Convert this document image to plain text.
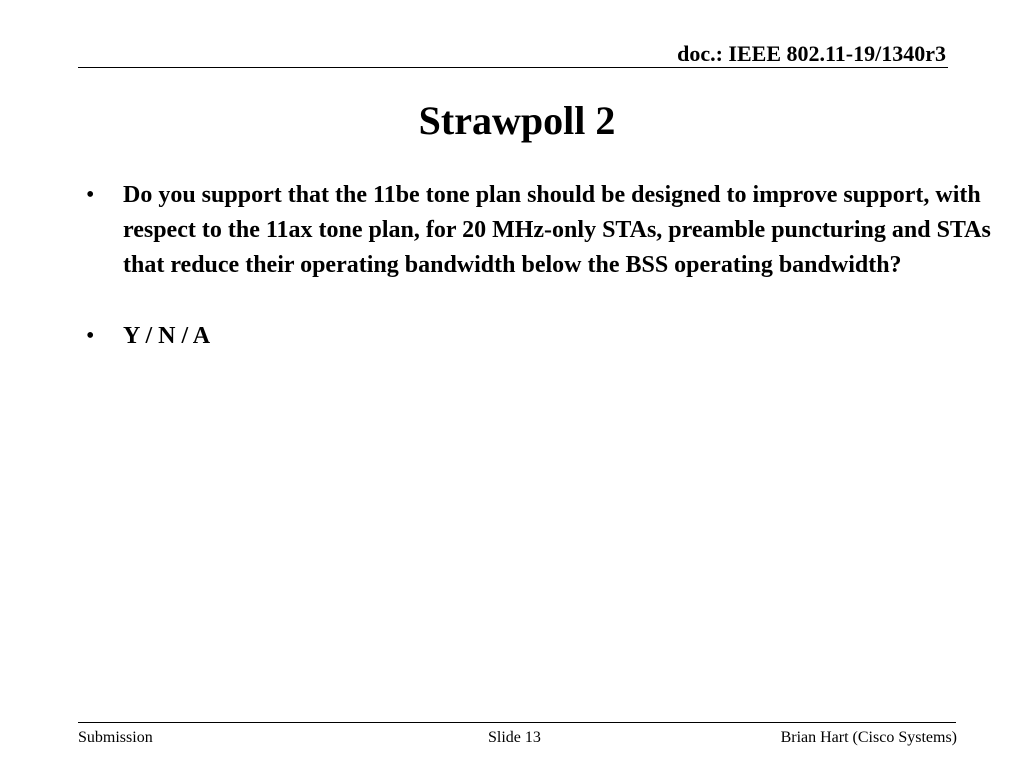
doc.: IEEE 802.11-19/1340r3
Strawpoll 2
• Do you support that the 11be tone plan should be designed to improve support, with respect to the 11ax tone plan, for 20 MHz-only STAs, preamble puncturing and STAs that reduce their operating bandwidth below the BSS operating bandwidth?
• Y / N / A
Submission	Slide 13	Brian Hart (Cisco Systems)
